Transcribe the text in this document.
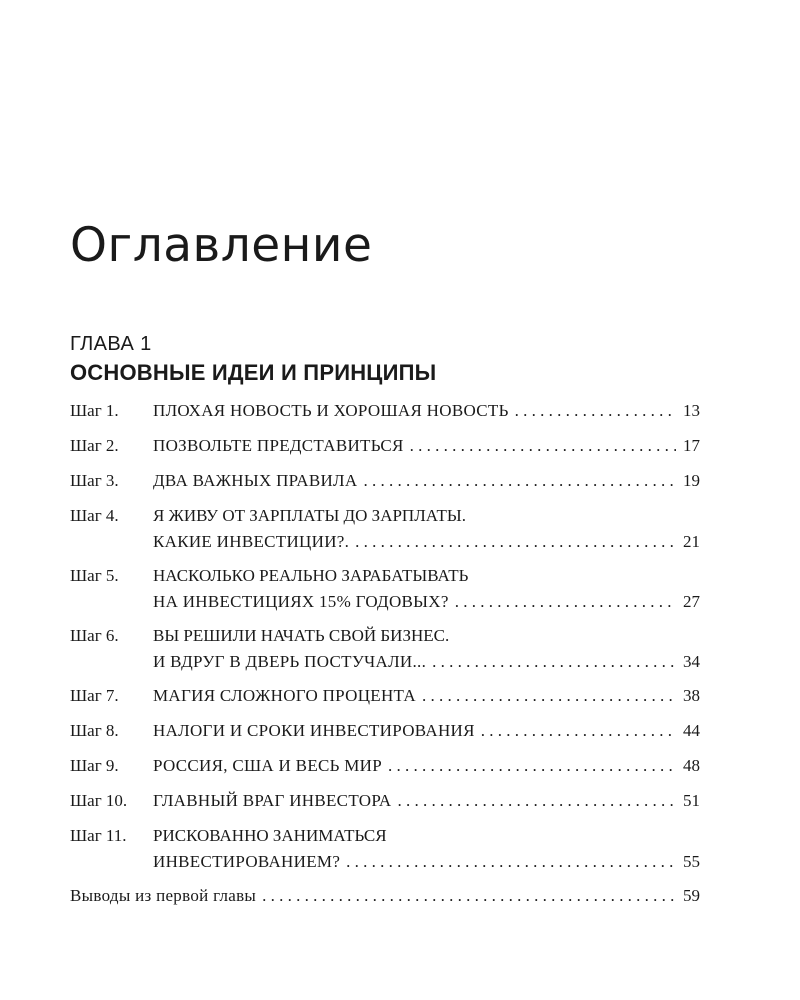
Оглавление
ГЛАВА 1
ОСНОВНЫЕ ИДЕИ И ПРИНЦИПЫ
Шаг 1. ПЛОХАЯ НОВОСТЬ И ХОРОШАЯ НОВОСТЬ . . .	13
Шаг 2. ПОЗВОЛЬТЕ ПРЕДСТАВИТЬСЯ . . .	17
Шаг 3. ДВА ВАЖНЫХ ПРАВИЛА . . .	19
Шаг 4. Я ЖИВУ ОТ ЗАРПЛАТЫ ДО ЗАРПЛАТЫ.
КАКИЕ ИНВЕСТИЦИИ?. . . .	21
Шаг 5. НАСКОЛЬКО РЕАЛЬНО ЗАРАБАТЫВАТЬ
НА ИНВЕСТИЦИЯХ 15% ГОДОВЫХ? . . .	27
Шаг 6. ВЫ РЕШИЛИ НАЧАТЬ СВОЙ БИЗНЕС.
И ВДРУГ В ДВЕРЬ ПОСТУЧАЛИ... . . .	34
Шаг 7. МАГИЯ СЛОЖНОГО ПРОЦЕНТА . . .	38
Шаг 8. НАЛОГИ И СРОКИ ИНВЕСТИРОВАНИЯ . . .	44
Шаг 9. РОССИЯ, США И ВЕСЬ МИР . . .	48
Шаг 10. ГЛАВНЫЙ ВРАГ ИНВЕСТОРА . . .	51
Шаг 11. РИСКОВАННО ЗАНИМАТЬСЯ
ИНВЕСТИРОВАНИЕМ? . . .	55
Выводы из первой главы . . .	59
